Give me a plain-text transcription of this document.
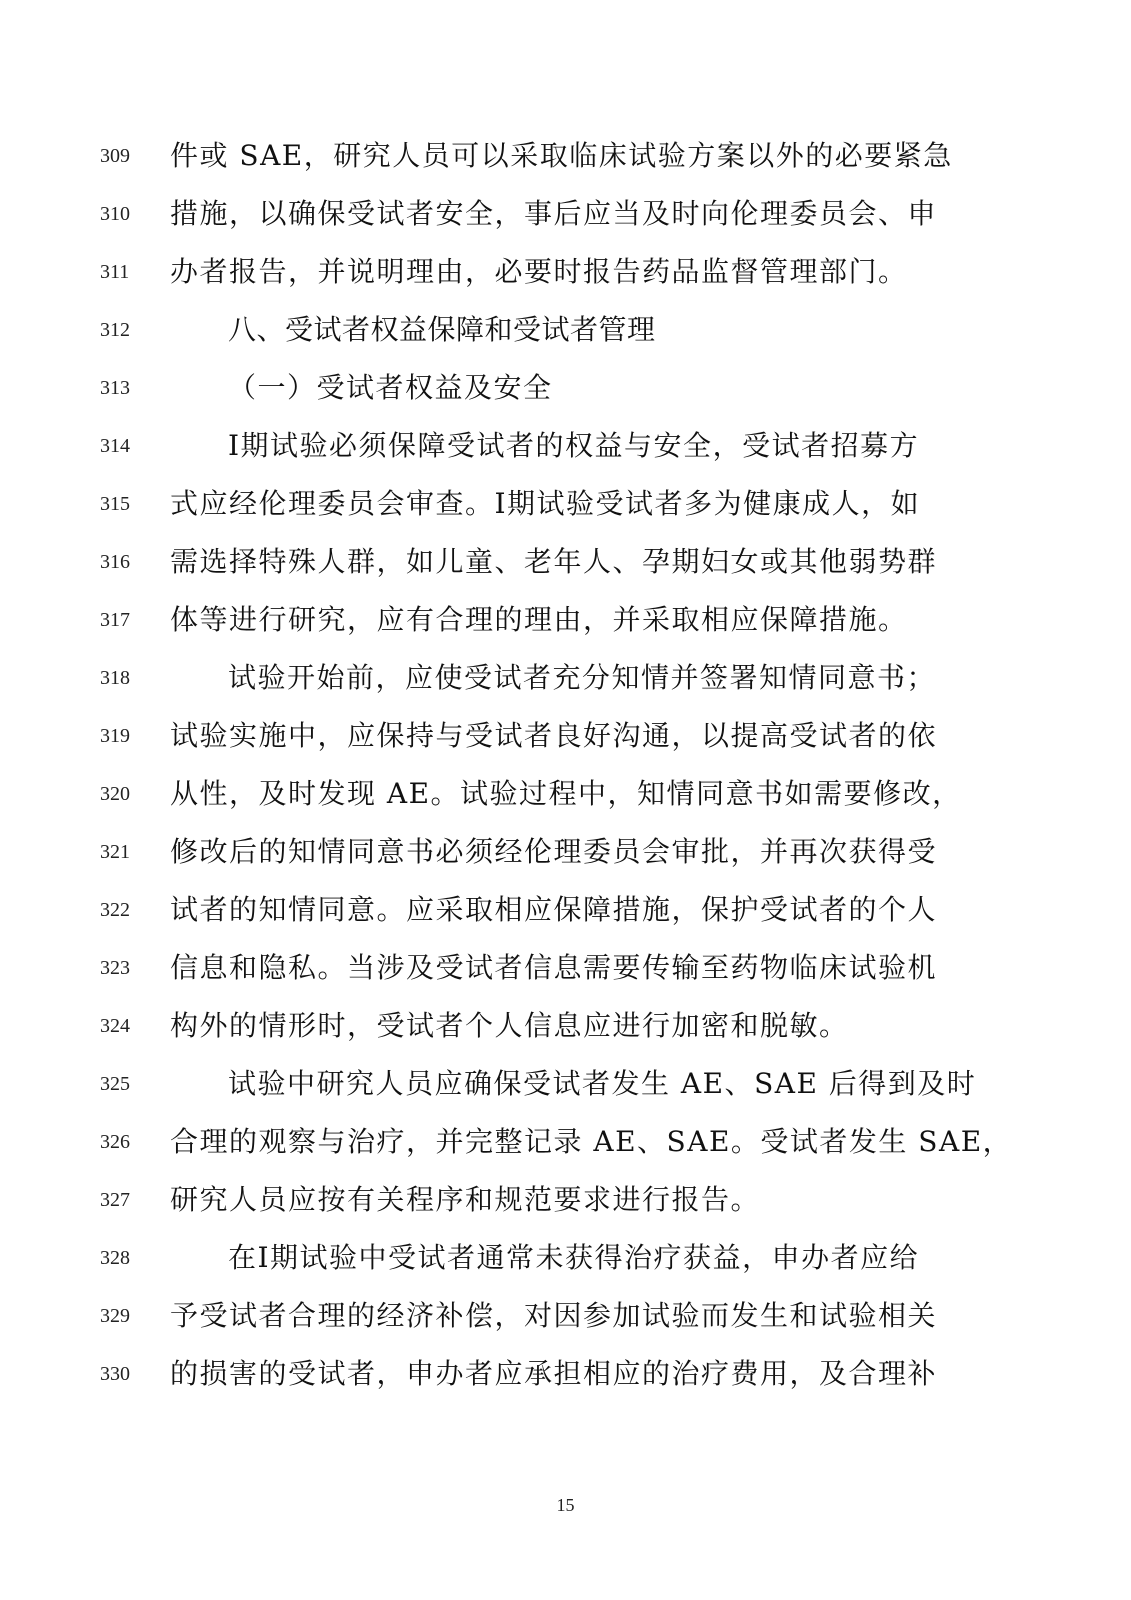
309	件或 SAE，研究人员可以采取临床试验方案以外的必要紧急
310	措施，以确保受试者安全，事后应当及时向伦理委员会、申
311	办者报告，并说明理由，必要时报告药品监督管理部门。
312	八、受试者权益保障和受试者管理
313	（一）受试者权益及安全
314	Ⅰ期试验必须保障受试者的权益与安全，受试者招募方
315	式应经伦理委员会审查。Ⅰ期试验受试者多为健康成人，如
316	需选择特殊人群，如儿童、老年人、孕期妇女或其他弱势群
317	体等进行研究，应有合理的理由，并采取相应保障措施。
318	试验开始前，应使受试者充分知情并签署知情同意书；
319	试验实施中，应保持与受试者良好沟通，以提高受试者的依
320	从性，及时发现 AE。试验过程中，知情同意书如需要修改，
321	修改后的知情同意书必须经伦理委员会审批，并再次获得受
322	试者的知情同意。应采取相应保障措施，保护受试者的个人
323	信息和隐私。当涉及受试者信息需要传输至药物临床试验机
324	构外的情形时，受试者个人信息应进行加密和脱敏。
325	试验中研究人员应确保受试者发生 AE、SAE 后得到及时
326	合理的观察与治疗，并完整记录 AE、SAE。受试者发生 SAE，
327	研究人员应按有关程序和规范要求进行报告。
328	在Ⅰ期试验中受试者通常未获得治疗获益，申办者应给
329	予受试者合理的经济补偿，对因参加试验而发生和试验相关
330	的损害的受试者，申办者应承担相应的治疗费用，及合理补
15
